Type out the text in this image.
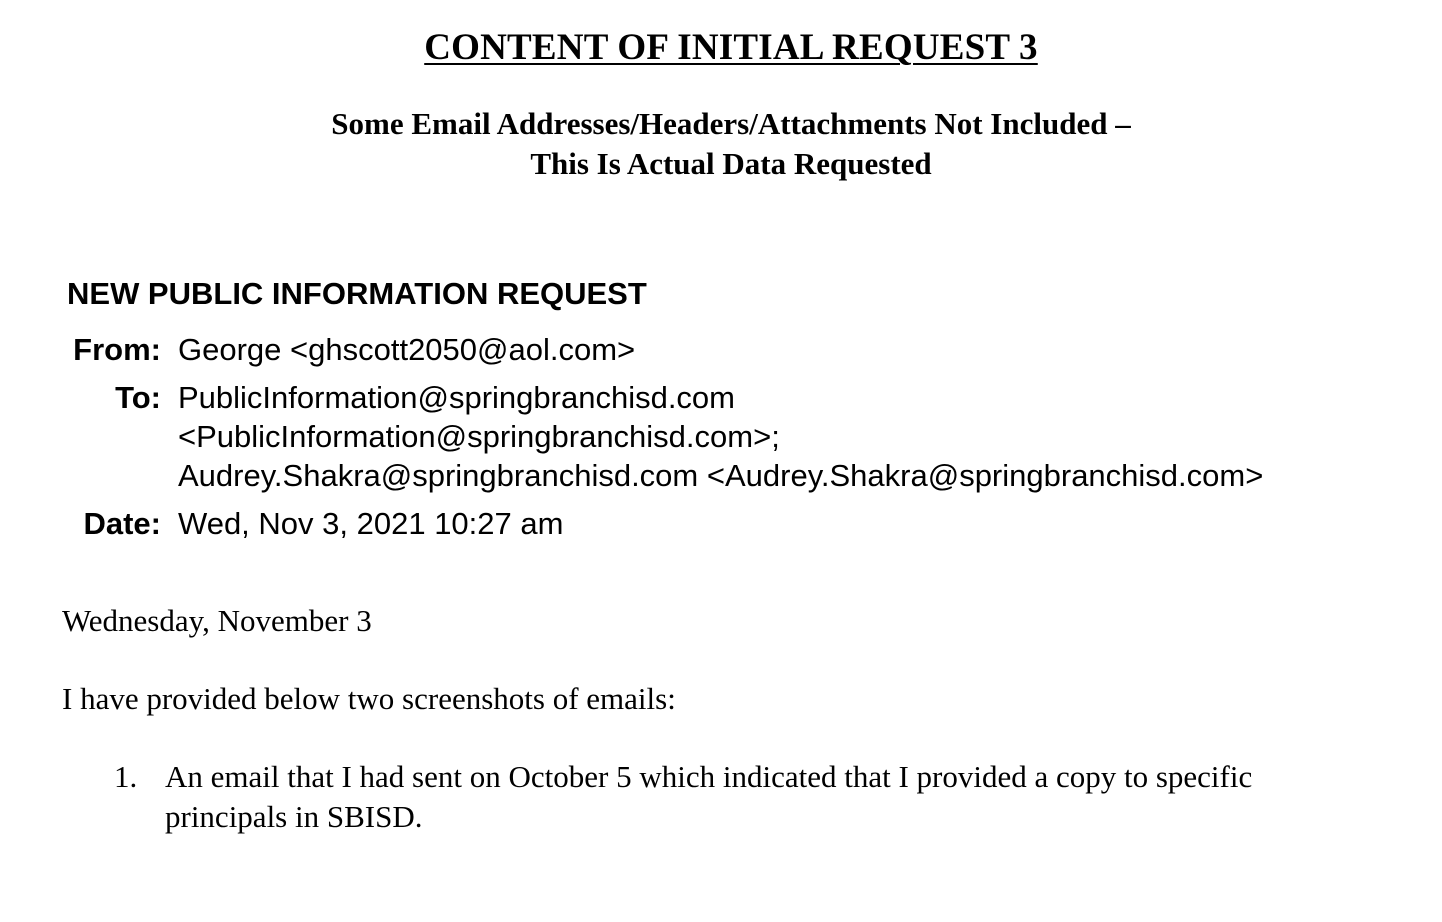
CONTENT OF INITIAL REQUEST 3
Some Email Addresses/Headers/Attachments Not Included –
This Is Actual Data Requested
NEW PUBLIC INFORMATION REQUEST
From: George <ghscott2050@aol.com>
To: PublicInformation@springbranchisd.com
<PublicInformation@springbranchisd.com>;
Audrey.Shakra@springbranchisd.com <Audrey.Shakra@springbranchisd.com>
Date: Wed, Nov 3, 2021 10:27 am
Wednesday, November 3
I have provided below two screenshots of emails:
1. An email that I had sent on October 5 which indicated that I provided a copy to specific
principals in SBISD.
